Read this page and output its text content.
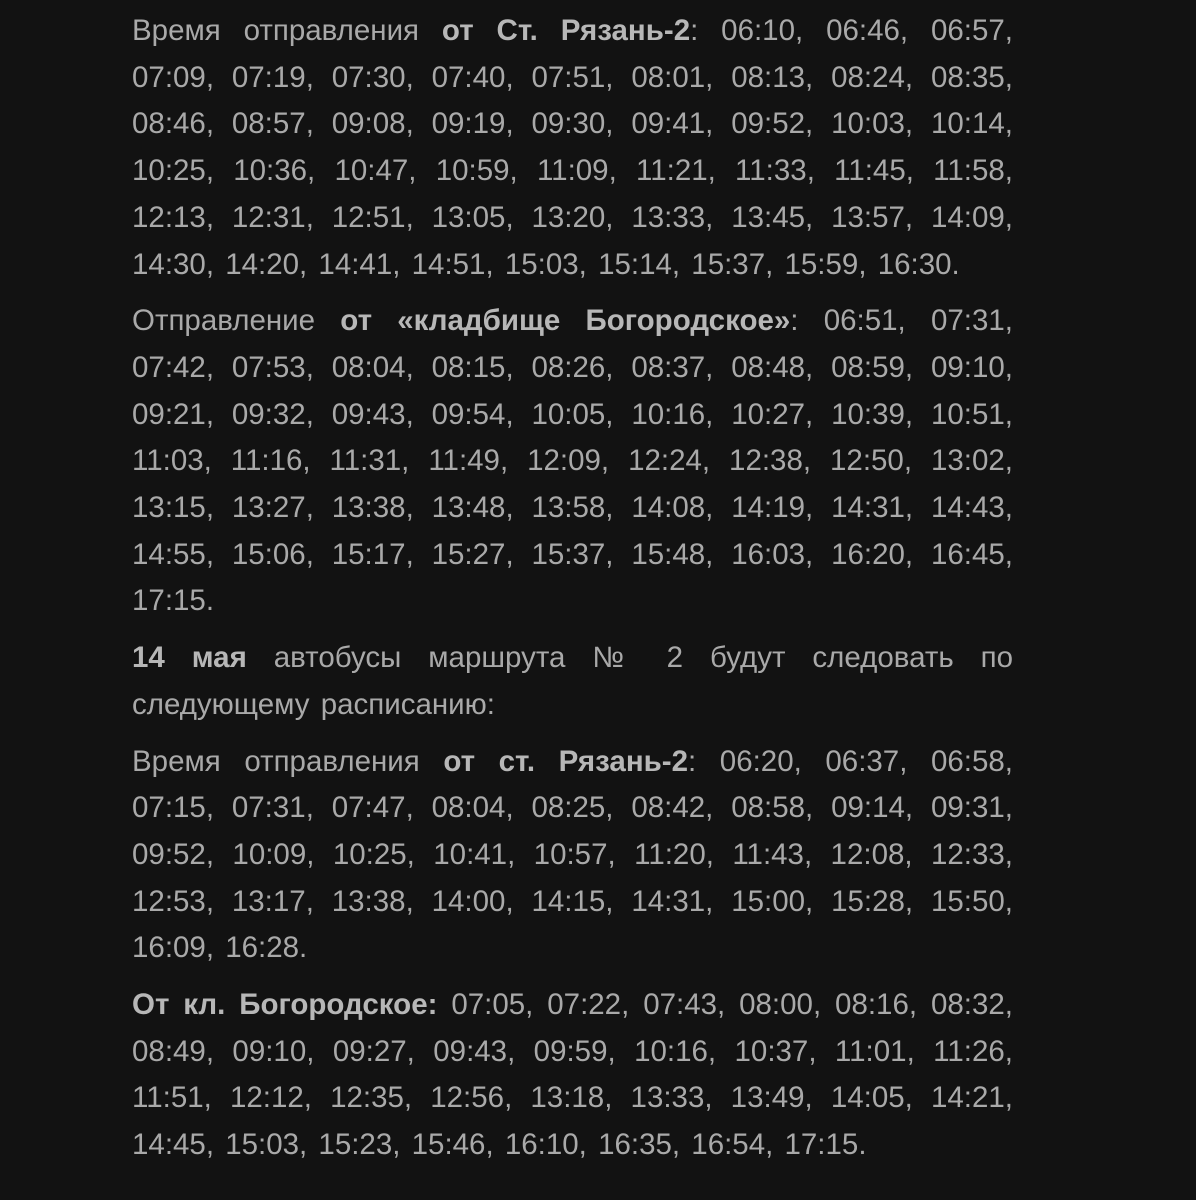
Время отправления от Ст. Рязань-2: 06:10, 06:46, 06:57, 07:09, 07:19, 07:30, 07:40, 07:51, 08:01, 08:13, 08:24, 08:35, 08:46, 08:57, 09:08, 09:19, 09:30, 09:41, 09:52, 10:03, 10:14, 10:25, 10:36, 10:47, 10:59, 11:09, 11:21, 11:33, 11:45, 11:58, 12:13, 12:31, 12:51, 13:05, 13:20, 13:33, 13:45, 13:57, 14:09, 14:30, 14:20, 14:41, 14:51, 15:03, 15:14, 15:37, 15:59, 16:30.

Отправление от «кладбище Богородское»: 06:51, 07:31, 07:42, 07:53, 08:04, 08:15, 08:26, 08:37, 08:48, 08:59, 09:10, 09:21, 09:32, 09:43, 09:54, 10:05, 10:16, 10:27, 10:39, 10:51, 11:03, 11:16, 11:31, 11:49, 12:09, 12:24, 12:38, 12:50, 13:02, 13:15, 13:27, 13:38, 13:48, 13:58, 14:08, 14:19, 14:31, 14:43, 14:55, 15:06, 15:17, 15:27, 15:37, 15:48, 16:03, 16:20, 16:45, 17:15.

14 мая автобусы маршрута № 2 будут следовать по следующему расписанию:

Время отправления от ст. Рязань-2: 06:20, 06:37, 06:58, 07:15, 07:31, 07:47, 08:04, 08:25, 08:42, 08:58, 09:14, 09:31, 09:52, 10:09, 10:25, 10:41, 10:57, 11:20, 11:43, 12:08, 12:33, 12:53, 13:17, 13:38, 14:00, 14:15, 14:31, 15:00, 15:28, 15:50, 16:09, 16:28.

От кл. Богородское: 07:05, 07:22, 07:43, 08:00, 08:16, 08:32, 08:49, 09:10, 09:27, 09:43, 09:59, 10:16, 10:37, 11:01, 11:26, 11:51, 12:12, 12:35, 12:56, 13:18, 13:33, 13:49, 14:05, 14:21, 14:45, 15:03, 15:23, 15:46, 16:10, 16:35, 16:54, 17:15.
